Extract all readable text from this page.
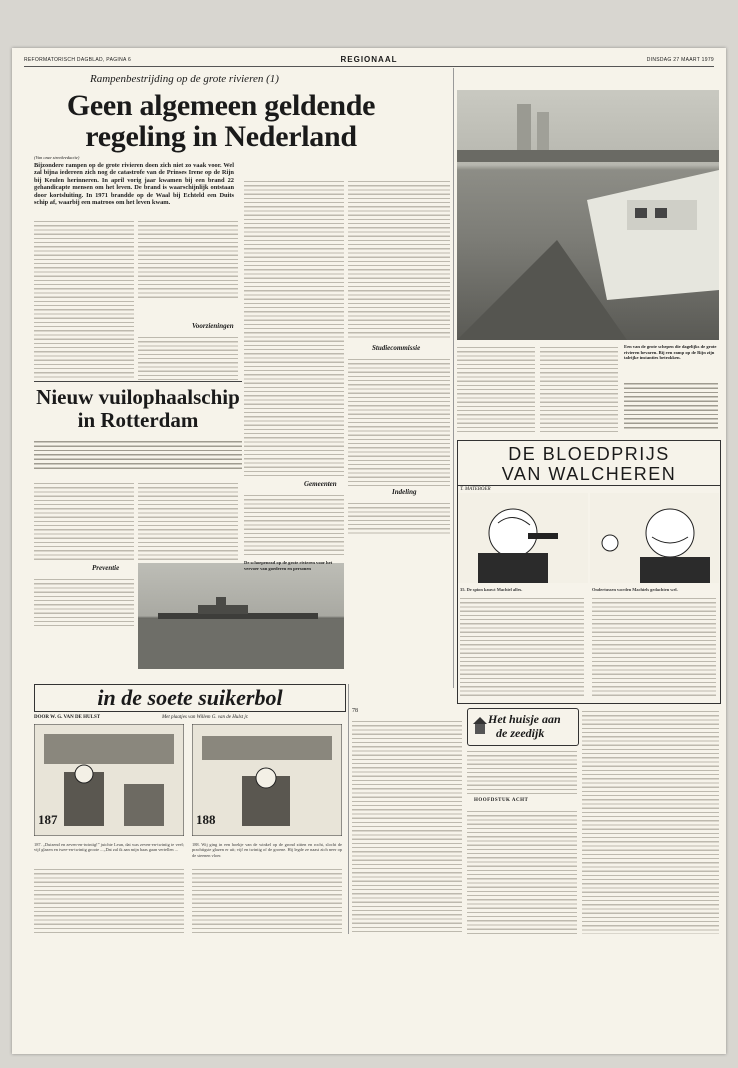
REFORMATORISCH DAGBLAD, PAGINA 6	REGIONAAL	DINSDAG 27 MAART 1979
Rampenbestrijding op de grote rivieren (1)
Geen algemeen geldende regeling in Nederland
(Van onze streekredactie)
Bijzondere rampen op de grote rivieren doen zich niet zo vaak voor. Wel zal bijna iedereen zich nog de catastrofe van de Prinses Irene op de Rijn bij Keulen herinneren. In april vorig jaar kwamen bij een brand 22 gehandicapte mensen om het leven. De brand is waarschijnlijk ontstaan door kortsluiting. In 1971 brandde op de Waal bij Echteld een Duits schip af, waarbij een matroos om het leven kwam.
Voorzieningen
Gemeenten
Studiecommissie
Indeling
Nieuw vuilophaalschip in Rotterdam
Preventie
De schoepenrad op de grote rivieren voor het vervoer van goederen en personen
Een van de grote schepen die dagelijks de grote rivieren bevaren. Bij een ramp op de Rijn zijn talrijke instanties betrokken.
DE BLOEDPRIJS
VAN WALCHEREN
T. MATEBOER
35. De spion kauwt Machiel alles.	Ondertussen worden Machiels gedachten wel.
in de soete suikerbol
DOOR W. G. VAN DE HULST	Met plaatjes van Willem G. van de Hulst jr.
187	188
187. „Duizend en zeven-en-twintig!” juichte Leun, dat was zeven-en-twintig te veel; vijf glazen en twee-en-twintig groote ...„Dat zal ik aan mijn baas gaan vertellen ...
188. Wij ging in een hoekje van de winkel op de grond zitten en rocht, slocht de prachtigste glazen er uit; vijf en twintig of de groene. Hij legde ze naast zich neer op de steenen vloer.
78
Het huisje aan
de zeedijk
HOOFDSTUK ACHT
